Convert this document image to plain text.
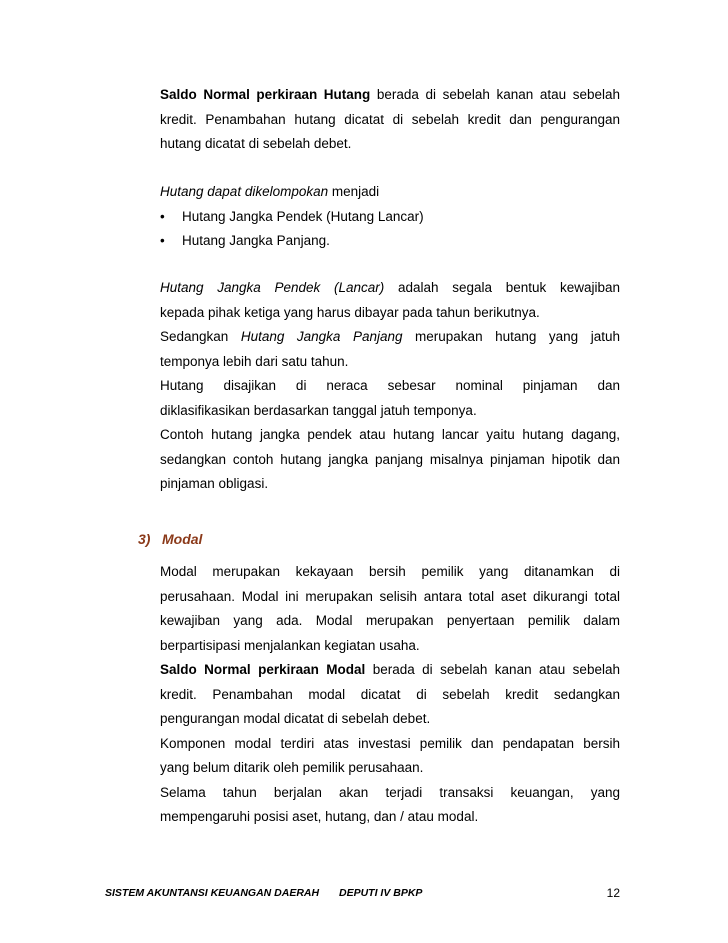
Saldo Normal perkiraan Hutang berada di sebelah kanan atau sebelah
kredit. Penambahan hutang dicatat di sebelah kredit dan pengurangan
hutang dicatat di sebelah debet.
Hutang dapat dikelompokan menjadi
•	Hutang Jangka Pendek (Hutang Lancar)
•	Hutang Jangka Panjang.
Hutang Jangka Pendek (Lancar) adalah segala bentuk kewajiban
kepada pihak ketiga yang harus dibayar pada tahun berikutnya.
Sedangkan Hutang Jangka Panjang merupakan hutang yang jatuh
temponya lebih dari satu tahun.
Hutang disajikan di neraca sebesar nominal pinjaman dan
diklasifikasikan berdasarkan tanggal jatuh temponya.
Contoh hutang jangka pendek atau hutang lancar yaitu hutang dagang,
sedangkan contoh hutang jangka panjang misalnya pinjaman hipotik dan
pinjaman obligasi.
3) Modal
Modal merupakan kekayaan bersih pemilik yang ditanamkan di
perusahaan. Modal ini merupakan selisih antara total aset dikurangi total
kewajiban yang ada. Modal merupakan penyertaan pemilik dalam
berpartisipasi menjalankan kegiatan usaha.
Saldo Normal perkiraan Modal berada di sebelah kanan atau sebelah
kredit. Penambahan modal dicatat di sebelah kredit sedangkan
pengurangan modal dicatat di sebelah debet.
Komponen modal terdiri atas investasi pemilik dan pendapatan bersih
yang belum ditarik oleh pemilik perusahaan.
Selama tahun berjalan akan terjadi transaksi keuangan, yang
mempengaruhi posisi aset, hutang, dan / atau modal.
SISTEM AKUNTANSI KEUANGAN DAERAH DEPUTI IV BPKP	12
